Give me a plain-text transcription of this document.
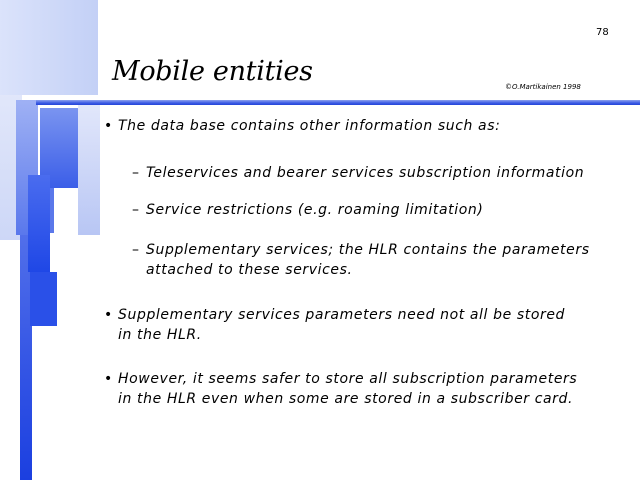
78
Mobile entities	©O.Martikainen 1998
• The data base contains other information such as:
– Teleservices and bearer services subscription information
– Service restrictions (e.g. roaming limitation)
– Supplementary services; the HLR contains the parameters
attached to these services.
• Supplementary services parameters need not all be stored
in the HLR.
• However, it seems safer to store all subscription parameters
in the HLR even when some are stored in a subscriber card.
